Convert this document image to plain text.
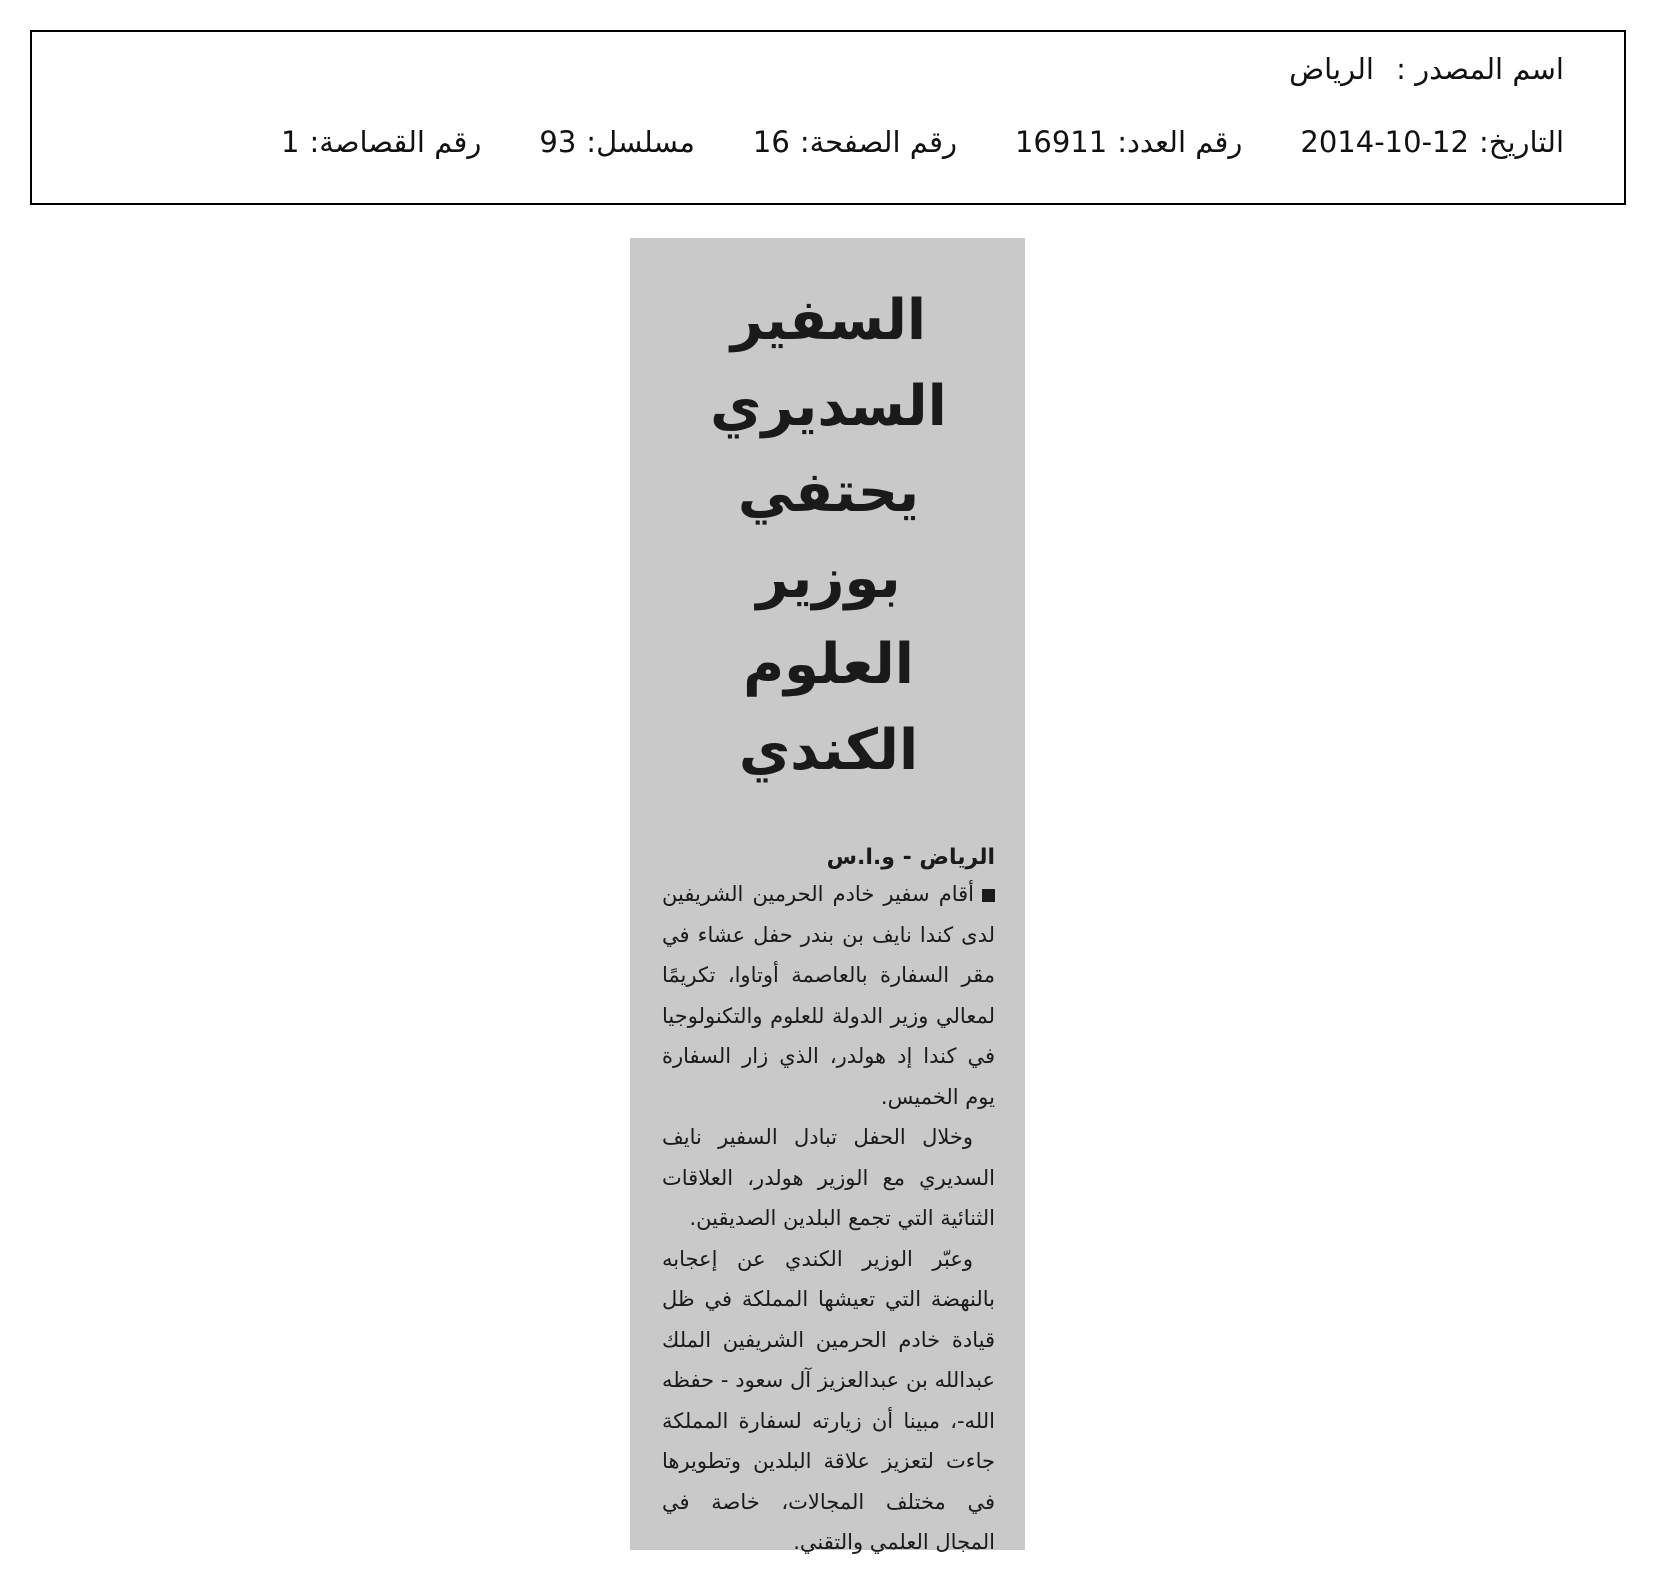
اسم المصدر :
الرياض
التاريخ:
2014-10-12
رقم العدد:
16911
رقم الصفحة:
16
مسلسل:
93
رقم القصاصة:
1
السفير
السديري
يحتفي بوزير
العلوم الكندي
الرياض - و.ا.س

أقام سفير خادم الحرمين الشريفين لدى كندا نايف بن بندر حفل عشاء في مقر السفارة بالعاصمة أوتاوا، تكريمًا لمعالي وزير الدولة للعلوم والتكنولوجيا في كندا إد هولدر، الذي زار السفارة يوم الخميس.

وخلال الحفل تبادل السفير نايف السديري مع الوزير هولدر، العلاقات الثنائية التي تجمع البلدين الصديقين.

وعبّر الوزير الكندي عن إعجابه بالنهضة التي تعيشها المملكة في ظل قيادة خادم الحرمين الشريفين الملك عبدالله بن عبدالعزيز آل سعود - حفظه الله-، مبينا أن زيارته لسفارة المملكة جاءت لتعزيز علاقة البلدين وتطويرها في مختلف المجالات، خاصة في المجال العلمي والتقني.
